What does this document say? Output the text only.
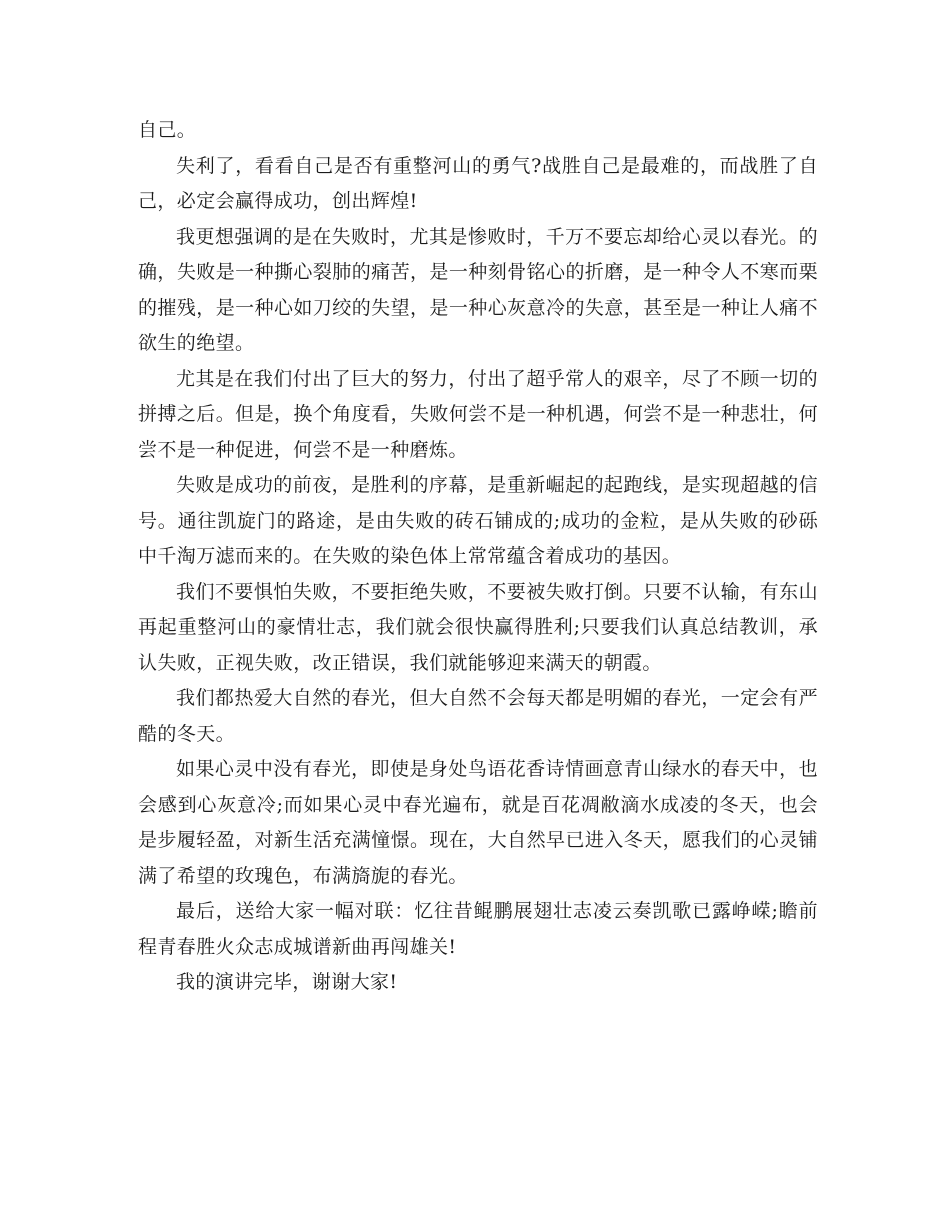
自己。

失利了，看看自己是否有重整河山的勇气?战胜自己是最难的，而战胜了自己，必定会赢得成功，创出辉煌!

我更想强调的是在失败时，尤其是惨败时，千万不要忘却给心灵以春光。的确，失败是一种撕心裂肺的痛苦，是一种刻骨铭心的折磨，是一种令人不寒而栗的摧残，是一种心如刀绞的失望，是一种心灰意冷的失意，甚至是一种让人痛不欲生的绝望。

尤其是在我们付出了巨大的努力，付出了超乎常人的艰辛，尽了不顾一切的拼搏之后。但是，换个角度看，失败何尝不是一种机遇，何尝不是一种悲壮，何尝不是一种促进，何尝不是一种磨炼。

失败是成功的前夜，是胜利的序幕，是重新崛起的起跑线，是实现超越的信号。通往凯旋门的路途，是由失败的砖石铺成的;成功的金粒，是从失败的砂砾中千淘万滤而来的。在失败的染色体上常常蕴含着成功的基因。

我们不要惧怕失败，不要拒绝失败，不要被失败打倒。只要不认输，有东山再起重整河山的豪情壮志，我们就会很快赢得胜利;只要我们认真总结教训，承认失败，正视失败，改正错误，我们就能够迎来满天的朝霞。

我们都热爱大自然的春光，但大自然不会每天都是明媚的春光，一定会有严酷的冬天。

如果心灵中没有春光，即使是身处鸟语花香诗情画意青山绿水的春天中，也会感到心灰意冷;而如果心灵中春光遍布，就是百花凋敝滴水成凌的冬天，也会是步履轻盈，对新生活充满憧憬。现在，大自然早已进入冬天，愿我们的心灵铺满了希望的玫瑰色，布满旖旎的春光。

最后，送给大家一幅对联：忆往昔鲲鹏展翅壮志凌云奏凯歌已露峥嵘;瞻前程青春胜火众志成城谱新曲再闯雄关!

我的演讲完毕，谢谢大家!
